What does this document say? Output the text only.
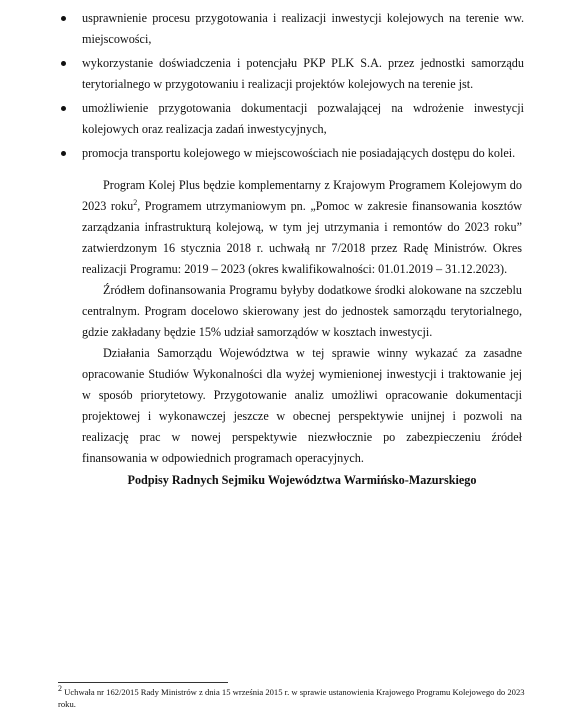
usprawnienie procesu przygotowania i realizacji inwestycji kolejowych na terenie ww. miejscowości,
wykorzystanie doświadczenia i potencjału PKP PLK S.A. przez jednostki samorządu terytorialnego w przygotowaniu i realizacji projektów kolejowych na terenie jst.
umożliwienie przygotowania dokumentacji pozwalającej na wdrożenie inwestycji kolejowych oraz realizacja zadań inwestycyjnych,
promocja transportu kolejowego w miejscowościach nie posiadających dostępu do kolei.

Program Kolej Plus będzie komplementarny z Krajowym Programem Kolejowym do 2023 roku$^2$, Programem utrzymaniowym pn. „Pomoc w zakresie finansowania kosztów zarządzania infrastrukturą kolejową, w tym jej utrzymania i remontów do 2023 roku” zatwierdzonym 16 stycznia 2018 r. uchwałą nr 7/2018 przez Radę Ministrów. Okres realizacji Programu: 2019 – 2023 (okres kwalifikowalności: 01.01.2019 – 31.12.2023).

Źródłem dofinansowania Programu byłyby dodatkowe środki alokowane na szczeblu centralnym. Program docelowo skierowany jest do jednostek samorządu terytorialnego, gdzie zakładany będzie 15% udział samorządów w kosztach inwestycji.

Działania Samorządu Województwa w tej sprawie winny wykazać za zasadne opracowanie Studiów Wykonalności dla wyżej wymienionej inwestycji i traktowanie jej w sposób priorytetowy. Przygotowanie analiz umożliwi opracowanie dokumentacji projektowej i wykonawczej jeszcze w obecnej perspektywie unijnej i pozwoli na realizację prac w nowej perspektywie niezwłocznie po zabezpieczeniu źródeł finansowania w odpowiednich programach operacyjnych.

Podpisy Radnych Sejmiku Województwa Warmińsko-Mazurskiego

$^2$ Uchwała nr 162/2015 Rady Ministrów z dnia 15 września 2015 r. w sprawie ustanowienia Krajowego Programu Kolejowego do 2023 roku.
